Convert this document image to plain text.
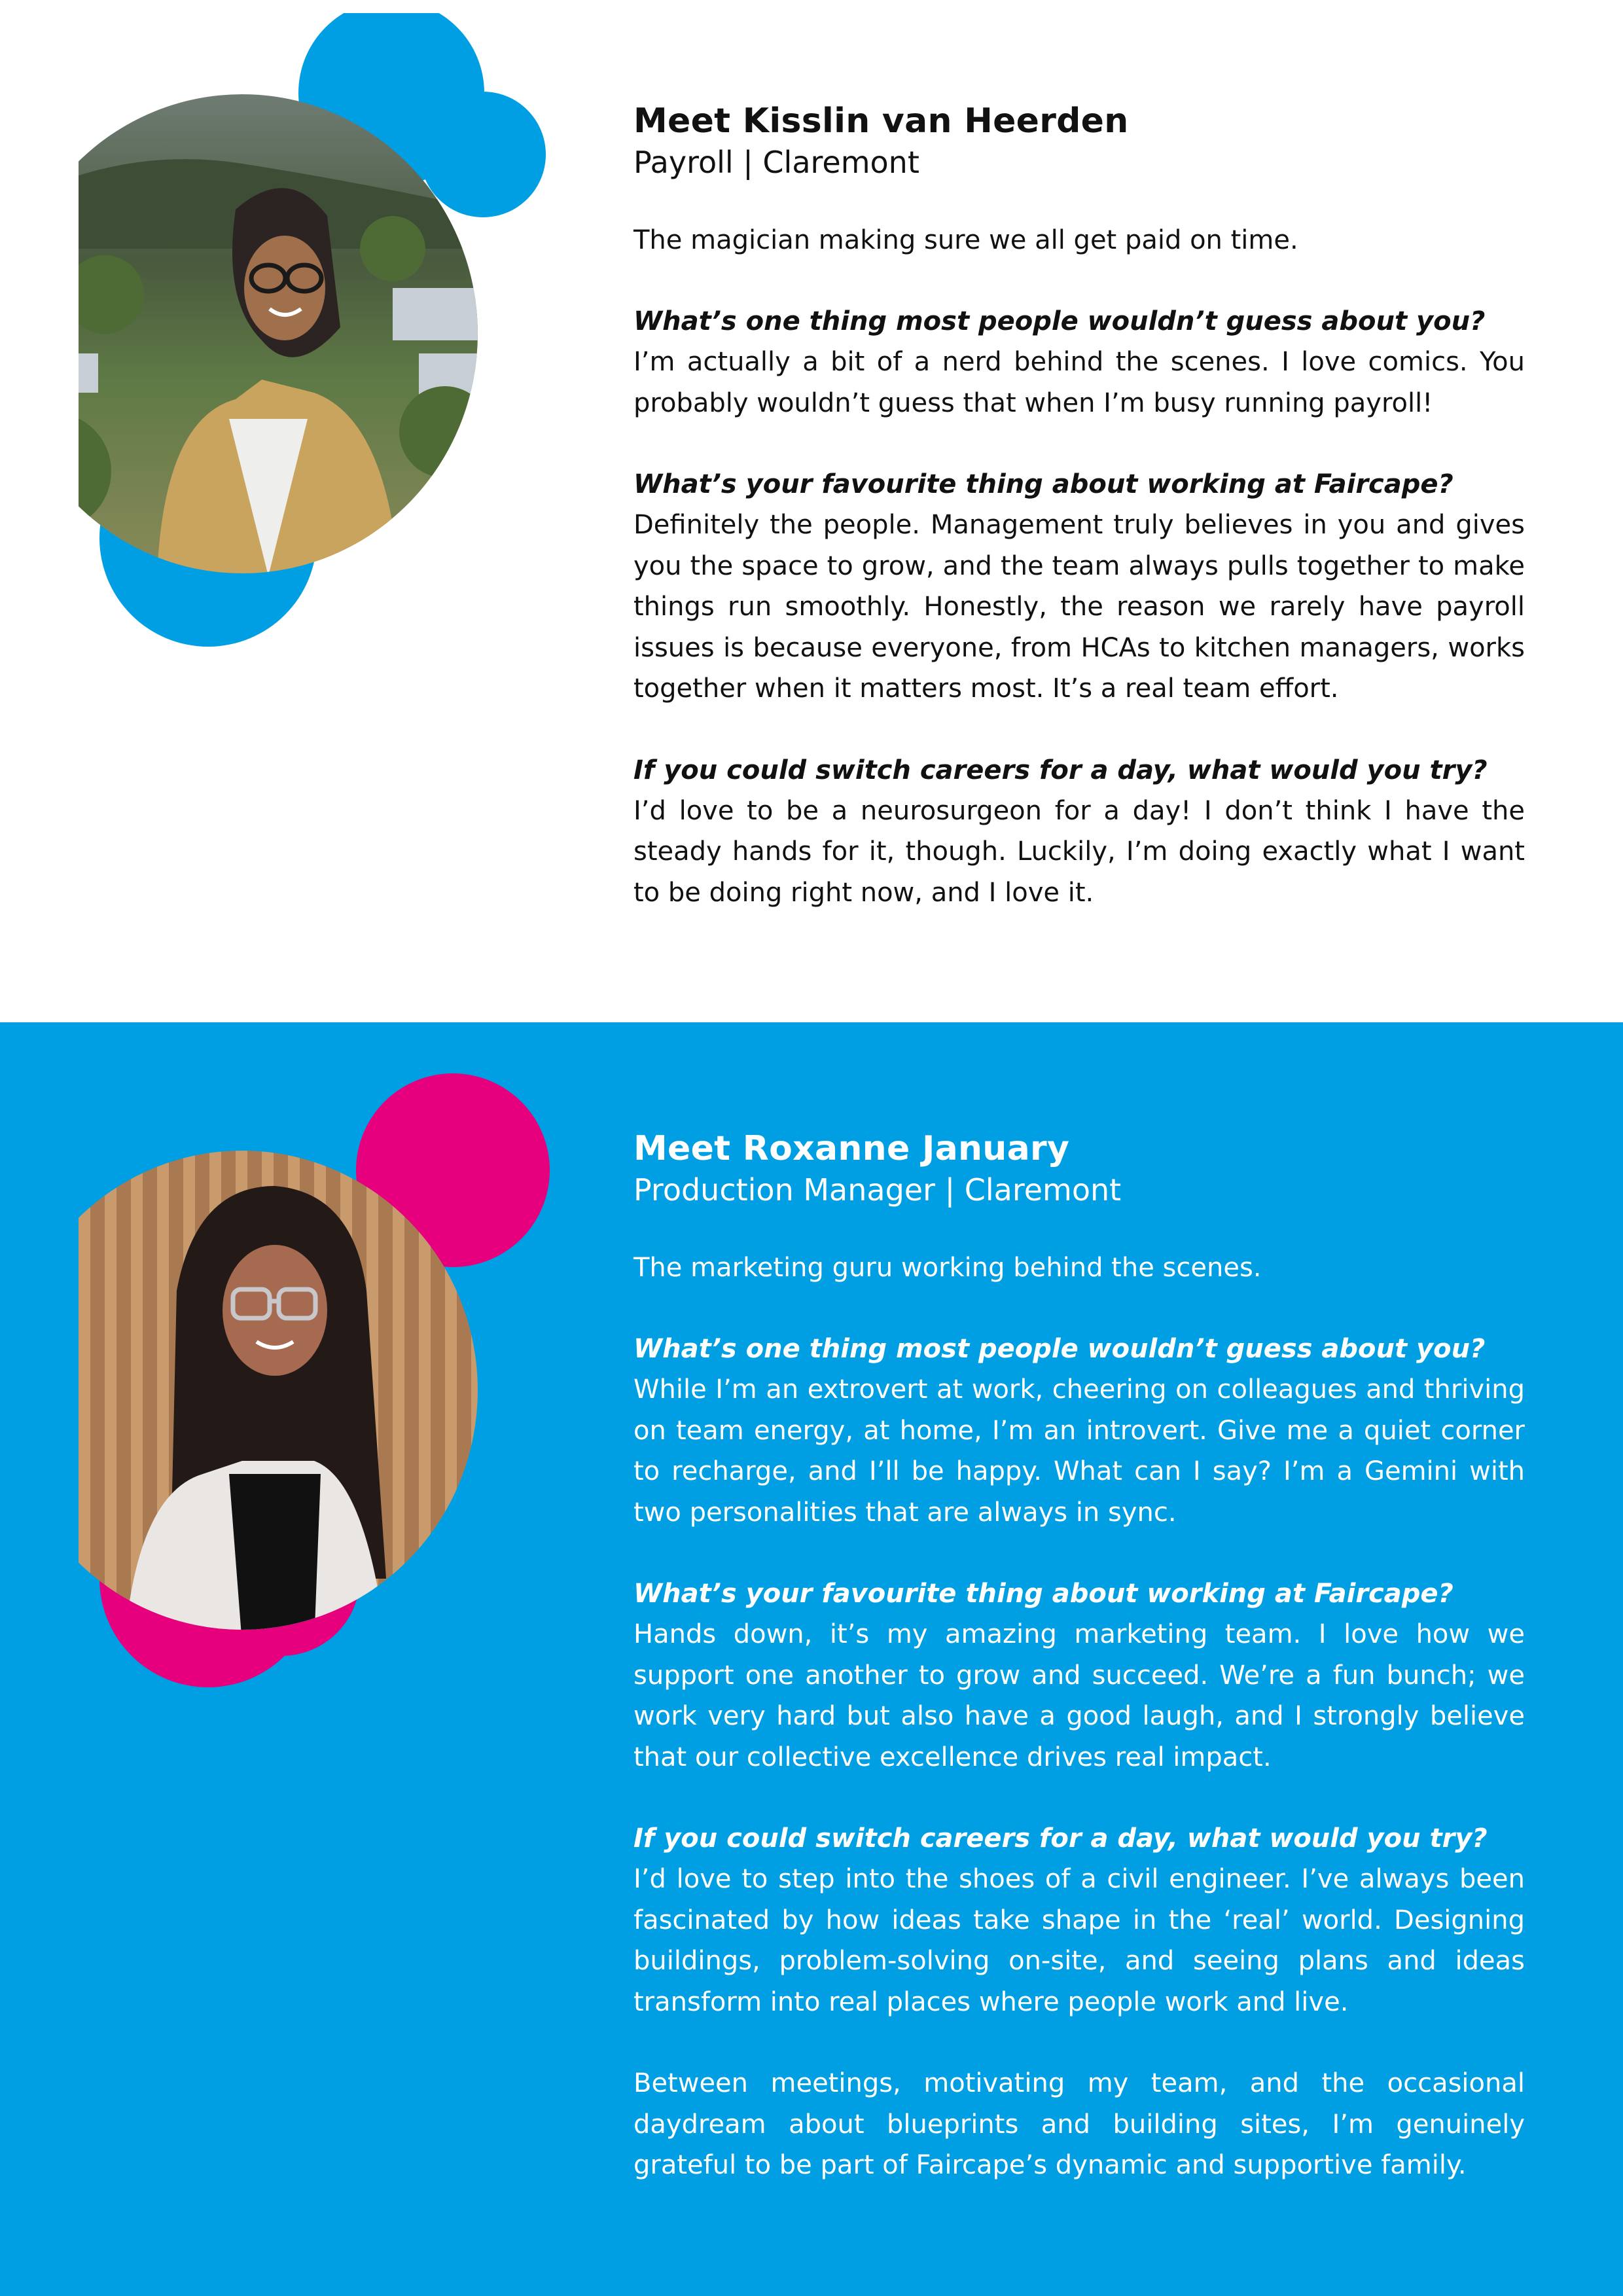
Meet Kisslin van Heerden
Payroll | Claremont

The magician making sure we all get paid on time.

What’s one thing most people wouldn’t guess about you?

I’m actually a bit of a nerd behind the scenes. I love comics. You probably wouldn’t guess that when I’m busy running payroll!

What’s your favourite thing about working at Faircape?

Definitely the people. Management truly believes in you and gives you the space to grow, and the team always pulls together to make things run smoothly. Honestly, the reason we rarely have payroll issues is because everyone, from HCAs to kitchen managers, works together when it matters most. It’s a real team effort.

If you could switch careers for a day, what would you try?

I’d love to be a neurosurgeon for a day! I don’t think I have the steady hands for it, though. Luckily, I’m doing exactly what I want to be doing right now, and I love it.

Meet Roxanne January
Production Manager | Claremont

The marketing guru working behind the scenes.

What’s one thing most people wouldn’t guess about you?

While I’m an extrovert at work, cheering on colleagues and thriving on team energy, at home, I’m an introvert. Give me a quiet corner to recharge, and I’ll be happy. What can I say? I’m a Gemini with two personalities that are always in sync.

What’s your favourite thing about working at Faircape?

Hands down, it’s my amazing marketing team. I love how we support one another to grow and succeed. We’re a fun bunch; we work very hard but also have a good laugh, and I strongly believe that our collective excellence drives real impact.

If you could switch careers for a day, what would you try?

I’d love to step into the shoes of a civil engineer. I’ve always been fascinated by how ideas take shape in the ‘real’ world. Designing buildings, problem-solving on-site, and seeing plans and ideas transform into real places where people work and live.

Between meetings, motivating my team, and the occasional daydream about blueprints and building sites, I’m genuinely grateful to be part of Faircape’s dynamic and supportive family.
